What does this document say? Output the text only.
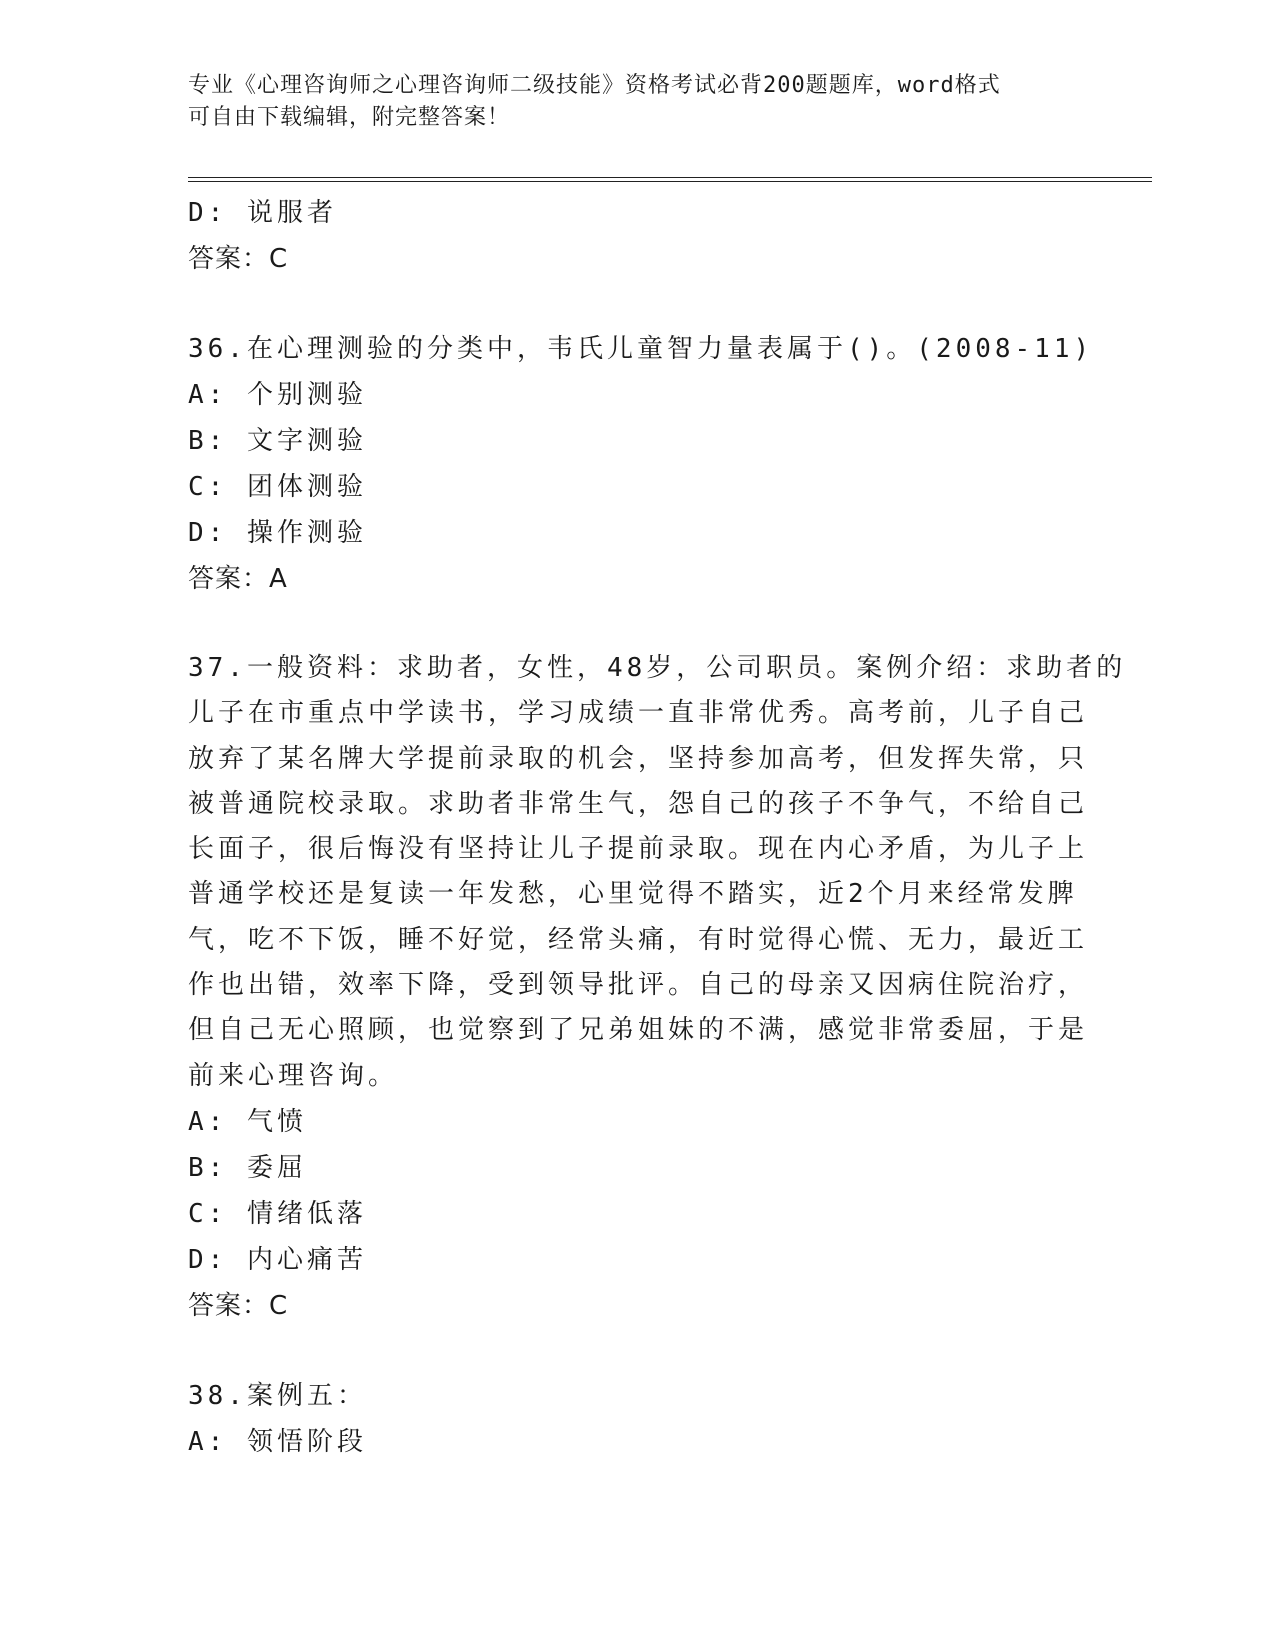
专业《心理咨询师之心理咨询师二级技能》资格考试必背200题题库，word格式
可自由下载编辑，附完整答案！
D: 说服者
答案：C
36.在心理测验的分类中，韦氏儿童智力量表属于()。(2008-11)
A: 个别测验
B: 文字测验
C: 团体测验
D: 操作测验
答案：A
37.一般资料：求助者，女性，48岁，公司职员。案例介绍：求助者的
儿子在市重点中学读书，学习成绩一直非常优秀。高考前，儿子自己
放弃了某名牌大学提前录取的机会，坚持参加高考，但发挥失常，只
被普通院校录取。求助者非常生气，怨自己的孩子不争气，不给自己
长面子，很后悔没有坚持让儿子提前录取。现在内心矛盾，为儿子上
普通学校还是复读一年发愁，心里觉得不踏实，近2个月来经常发脾
气，吃不下饭，睡不好觉，经常头痛，有时觉得心慌、无力，最近工
作也出错，效率下降，受到领导批评。自己的母亲又因病住院治疗，
但自己无心照顾，也觉察到了兄弟姐妹的不满，感觉非常委屈，于是
前来心理咨询。
A: 气愤
B: 委屈
C: 情绪低落
D: 内心痛苦
答案：C
38.案例五：
A: 领悟阶段
